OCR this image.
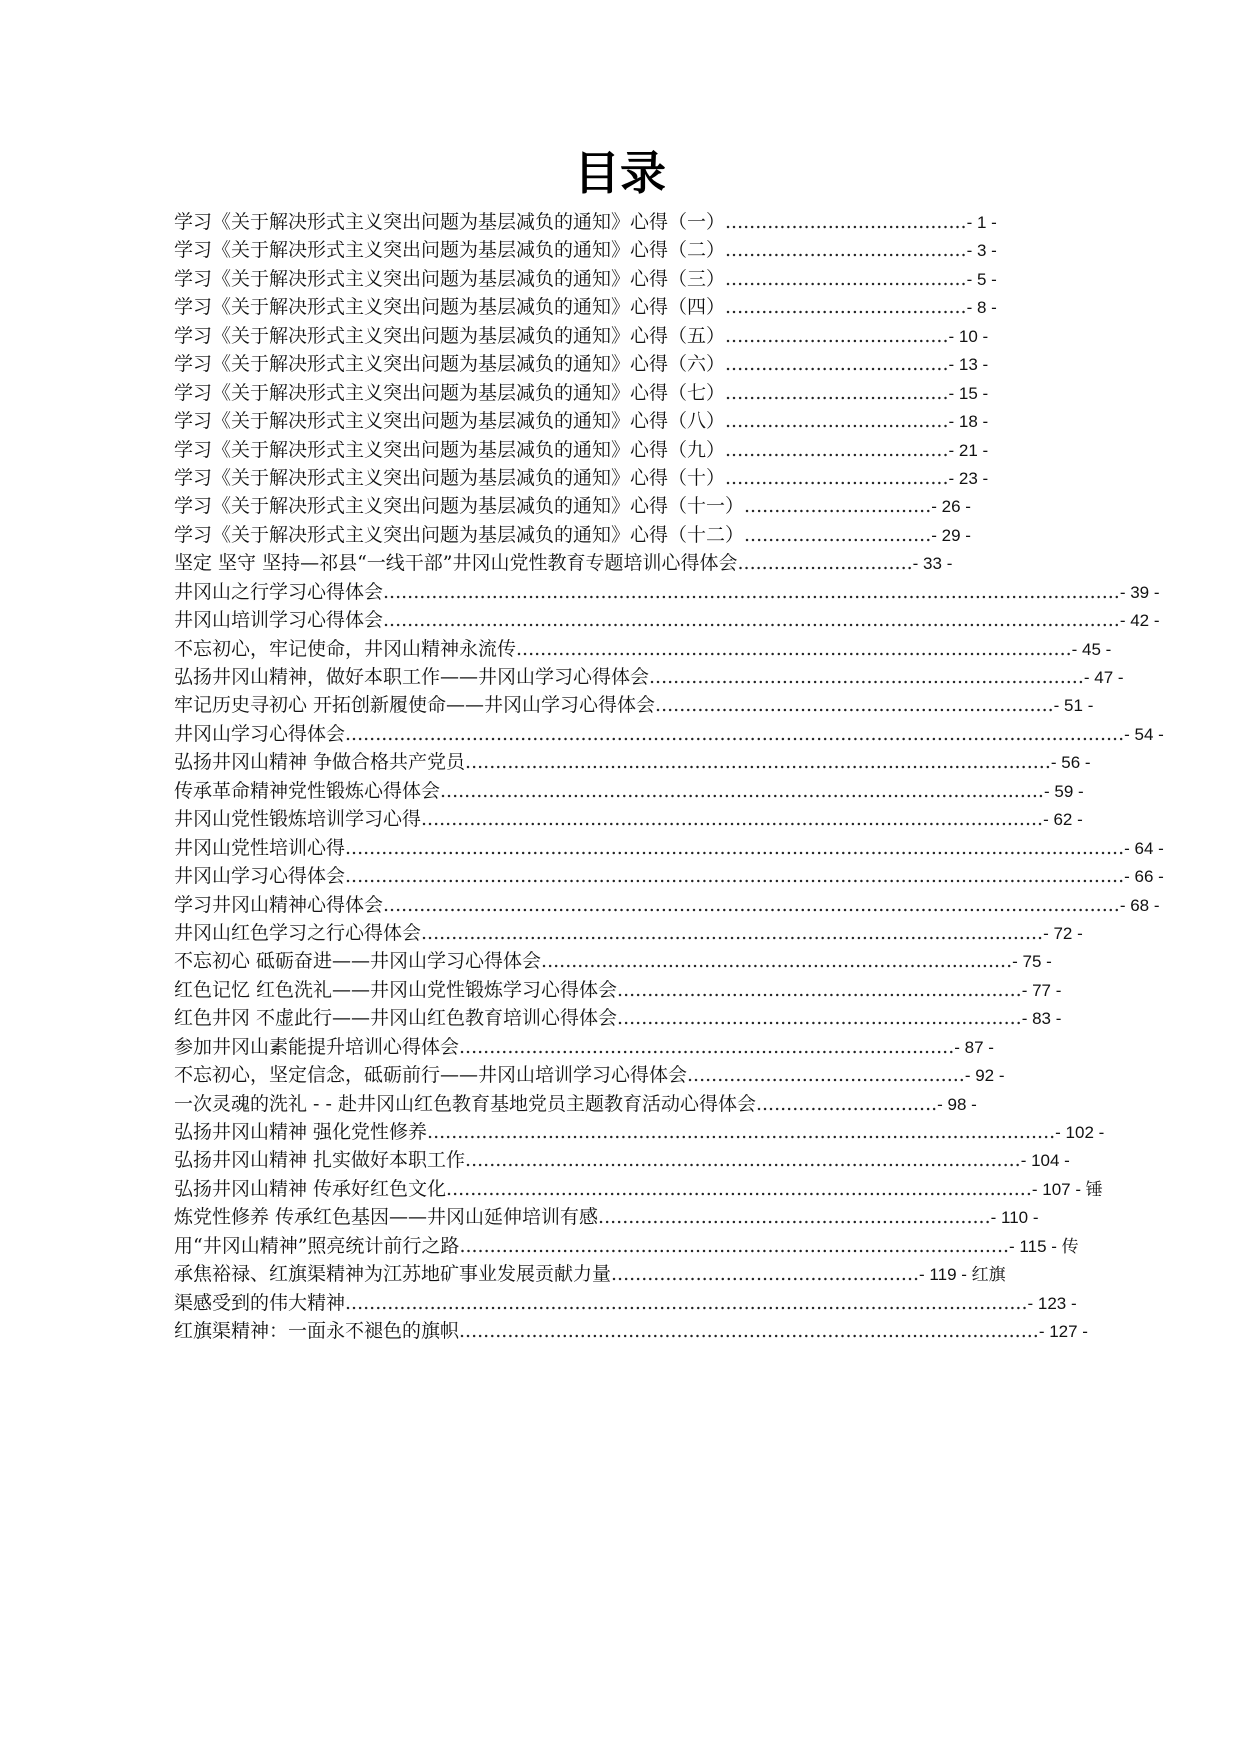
目录
学习《关于解决形式主义突出问题为基层减负的通知》心得（一）........................................- 1 -
学习《关于解决形式主义突出问题为基层减负的通知》心得（二）........................................- 3 -
学习《关于解决形式主义突出问题为基层减负的通知》心得（三）........................................- 5 -
学习《关于解决形式主义突出问题为基层减负的通知》心得（四）........................................- 8 -
学习《关于解决形式主义突出问题为基层减负的通知》心得（五）.....................................- 10 -
学习《关于解决形式主义突出问题为基层减负的通知》心得（六）.....................................- 13 -
学习《关于解决形式主义突出问题为基层减负的通知》心得（七）.....................................- 15 -
学习《关于解决形式主义突出问题为基层减负的通知》心得（八）.....................................- 18 -
学习《关于解决形式主义突出问题为基层减负的通知》心得（九）.....................................- 21 -
学习《关于解决形式主义突出问题为基层减负的通知》心得（十）.....................................- 23 -
学习《关于解决形式主义突出问题为基层减负的通知》心得（十一）...............................- 26 -
学习《关于解决形式主义突出问题为基层减负的通知》心得（十二）...............................- 29 -
坚定 坚守 坚持—祁县“一线干部”井冈山党性教育专题培训心得体会.............................- 33 -
井冈山之行学习心得体会..........................................................................................................................- 39 -
井冈山培训学习心得体会..........................................................................................................................- 42 -
不忘初心，牢记使命，井冈山精神永流传............................................................................................- 45 -
弘扬井冈山精神，做好本职工作——井冈山学习心得体会........................................................................- 47 -
牢记历史寻初心 开拓创新履使命——井冈山学习心得体会..................................................................- 51 -
井冈山学习心得体会.................................................................................................................................- 54 -
弘扬井冈山精神 争做合格共产党员.................................................................................................- 56 -
传承革命精神党性锻炼心得体会....................................................................................................- 59 -
井冈山党性锻炼培训学习心得.......................................................................................................- 62 -
井冈山党性培训心得.................................................................................................................................- 64 -
井冈山学习心得体会.................................................................................................................................- 66 -
学习井冈山精神心得体会..........................................................................................................................- 68 -
井冈山红色学习之行心得体会.......................................................................................................- 72 -
不忘初心 砥砺奋进——井冈山学习心得体会..............................................................................- 75 -
红色记忆 红色洗礼——井冈山党性锻炼学习心得体会...................................................................- 77 -
红色井冈 不虚此行——井冈山红色教育培训心得体会...................................................................- 83 -
参加井冈山素能提升培训心得体会..................................................................................- 87 -
不忘初心，坚定信念，砥砺前行——井冈山培训学习心得体会..............................................- 92 -
一次灵魂的洗礼 - - 赴井冈山红色教育基地党员主题教育活动心得体会..............................- 98 -
弘扬井冈山精神 强化党性修养........................................................................................................- 102 -
弘扬井冈山精神 扎实做好本职工作............................................................................................- 104 -
弘扬井冈山精神 传承好红色文化.................................................................................................- 107 - 锤
炼党性修养 传承红色基因——井冈山延伸培训有感.................................................................- 110 -
用“井冈山精神”照亮统计前行之路...........................................................................................- 115 - 传
承焦裕禄、红旗渠精神为江苏地矿事业发展贡献力量...................................................- 119 - 红旗
渠感受到的伟大精神.................................................................................................................- 123 -
红旗渠精神：一面永不褪色的旗帜................................................................................................- 127 -
